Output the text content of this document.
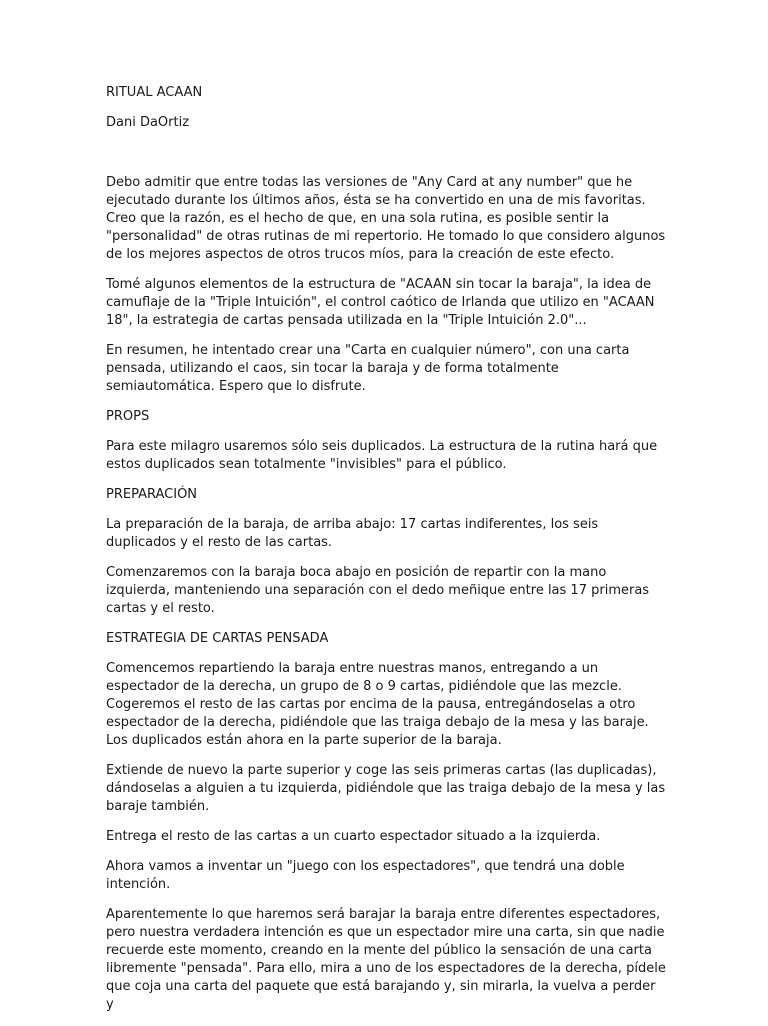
RITUAL ACAAN

Dani DaOrtiz

Debo admitir que entre todas las versiones de "Any Card at any number" que he ejecutado durante los últimos años, ésta se ha convertido en una de mis favoritas. Creo que la razón, es el hecho de que, en una sola rutina, es posible sentir la "personalidad" de otras rutinas de mi repertorio. He tomado lo que considero algunos de los mejores aspectos de otros trucos míos, para la creación de este efecto.

Tomé algunos elementos de la estructura de "ACAAN sin tocar la baraja", la idea de camuflaje de la "Triple Intuición", el control caótico de Irlanda que utilizo en "ACAAN 18", la estrategia de cartas pensada utilizada en la "Triple Intuición 2.0"...

En resumen, he intentado crear una "Carta en cualquier número", con una carta pensada, utilizando el caos, sin tocar la baraja y de forma totalmente semiautomática. Espero que lo disfrute.

PROPS

Para este milagro usaremos sólo seis duplicados. La estructura de la rutina hará que estos duplicados sean totalmente "invisibles" para el público.

PREPARACIÓN

La preparación de la baraja, de arriba abajo: 17 cartas indiferentes, los seis duplicados y el resto de las cartas.

Comenzaremos con la baraja boca abajo en posición de repartir con la mano izquierda, manteniendo una separación con el dedo meñique entre las 17 primeras cartas y el resto.

ESTRATEGIA DE CARTAS PENSADA

Comencemos repartiendo la baraja entre nuestras manos, entregando a un espectador de la derecha, un grupo de 8 o 9 cartas, pidiéndole que las mezcle. Cogeremos el resto de las cartas por encima de la pausa, entregándoselas a otro espectador de la derecha, pidiéndole que las traiga debajo de la mesa y las baraje. Los duplicados están ahora en la parte superior de la baraja.

Extiende de nuevo la parte superior y coge las seis primeras cartas (las duplicadas), dándoselas a alguien a tu izquierda, pidiéndole que las traiga debajo de la mesa y las baraje también.

Entrega el resto de las cartas a un cuarto espectador situado a la izquierda.

Ahora vamos a inventar un "juego con los espectadores", que tendrá una doble intención.

Aparentemente lo que haremos será barajar la baraja entre diferentes espectadores, pero nuestra verdadera intención es que un espectador mire una carta, sin que nadie recuerde este momento, creando en la mente del público la sensación de una carta libremente "pensada". Para ello, mira a uno de los espectadores de la derecha, pídele que coja una carta del paquete que está barajando y, sin mirarla, la vuelva a perder y
